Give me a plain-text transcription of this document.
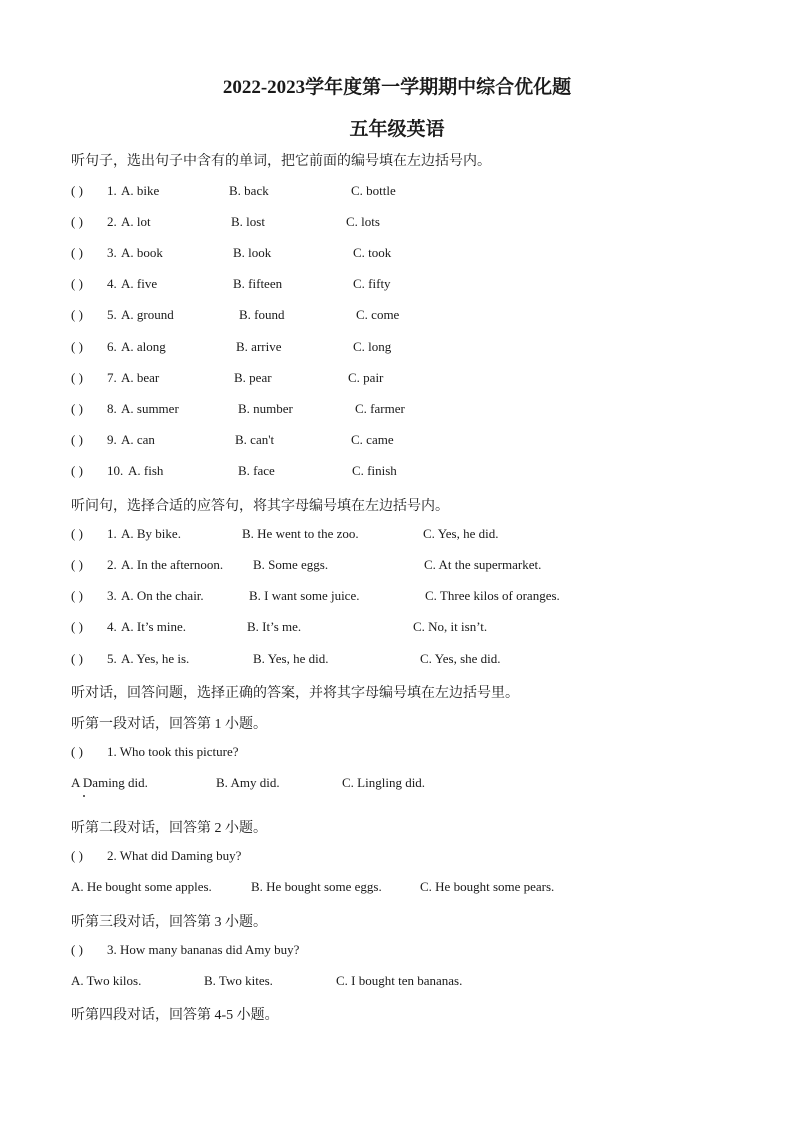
2022-2023学年度第一学期期中综合优化题
五年级英语
听句子，选出句子中含有的单词，把它前面的编号填在左边括号内。
( ) 1. A. bike	B. back	C. bottle
( ) 2. A. lot	B. lost	C. lots
( ) 3. A. book	B. look	C. took
( ) 4. A. five	B. fifteen	C. fifty
( ) 5. A. ground	B. found	C. come
( ) 6. A. along	B. arrive	C. long
( ) 7. A. bear	B. pear	C. pair
( ) 8. A. summer	B. number	C. farmer
( ) 9. A. can	B. can't	C. came
( ) 10. A. fish	B. face	C. finish
听问句，选择合适的应答句，将其字母编号填在左边括号内。
( ) 1. A. By bike.	B. He went to the zoo.	C. Yes, he did.
( ) 2. A. In the afternoon. B. Some eggs.	C. At the supermarket.
( ) 3. A. On the chair.	B. I want some juice.	C. Three kilos of oranges.
( ) 4. A. It’s mine.	B. It’s me.	C. No, it isn’t.
( ) 5. A. Yes, he is.	B. Yes, he did.	C. Yes, she did.
听对话，回答问题，选择正确的答案，并将其字母编号填在左边括号里。
听第一段对话，回答第 1 小题。
( ) 1. Who took this picture?
A Daming did.	B. Amy did.	C. Lingling did.
听第二段对话，回答第 2 小题。
( ) 2. What did Daming buy?
A. He bought some apples.	B. He bought some eggs.	C. He bought some pears.
听第三段对话，回答第 3 小题。
( ) 3. How many bananas did Amy buy?
A. Two kilos.	B. Two kites.	C. I bought ten bananas.
听第四段对话，回答第 4-5 小题。
